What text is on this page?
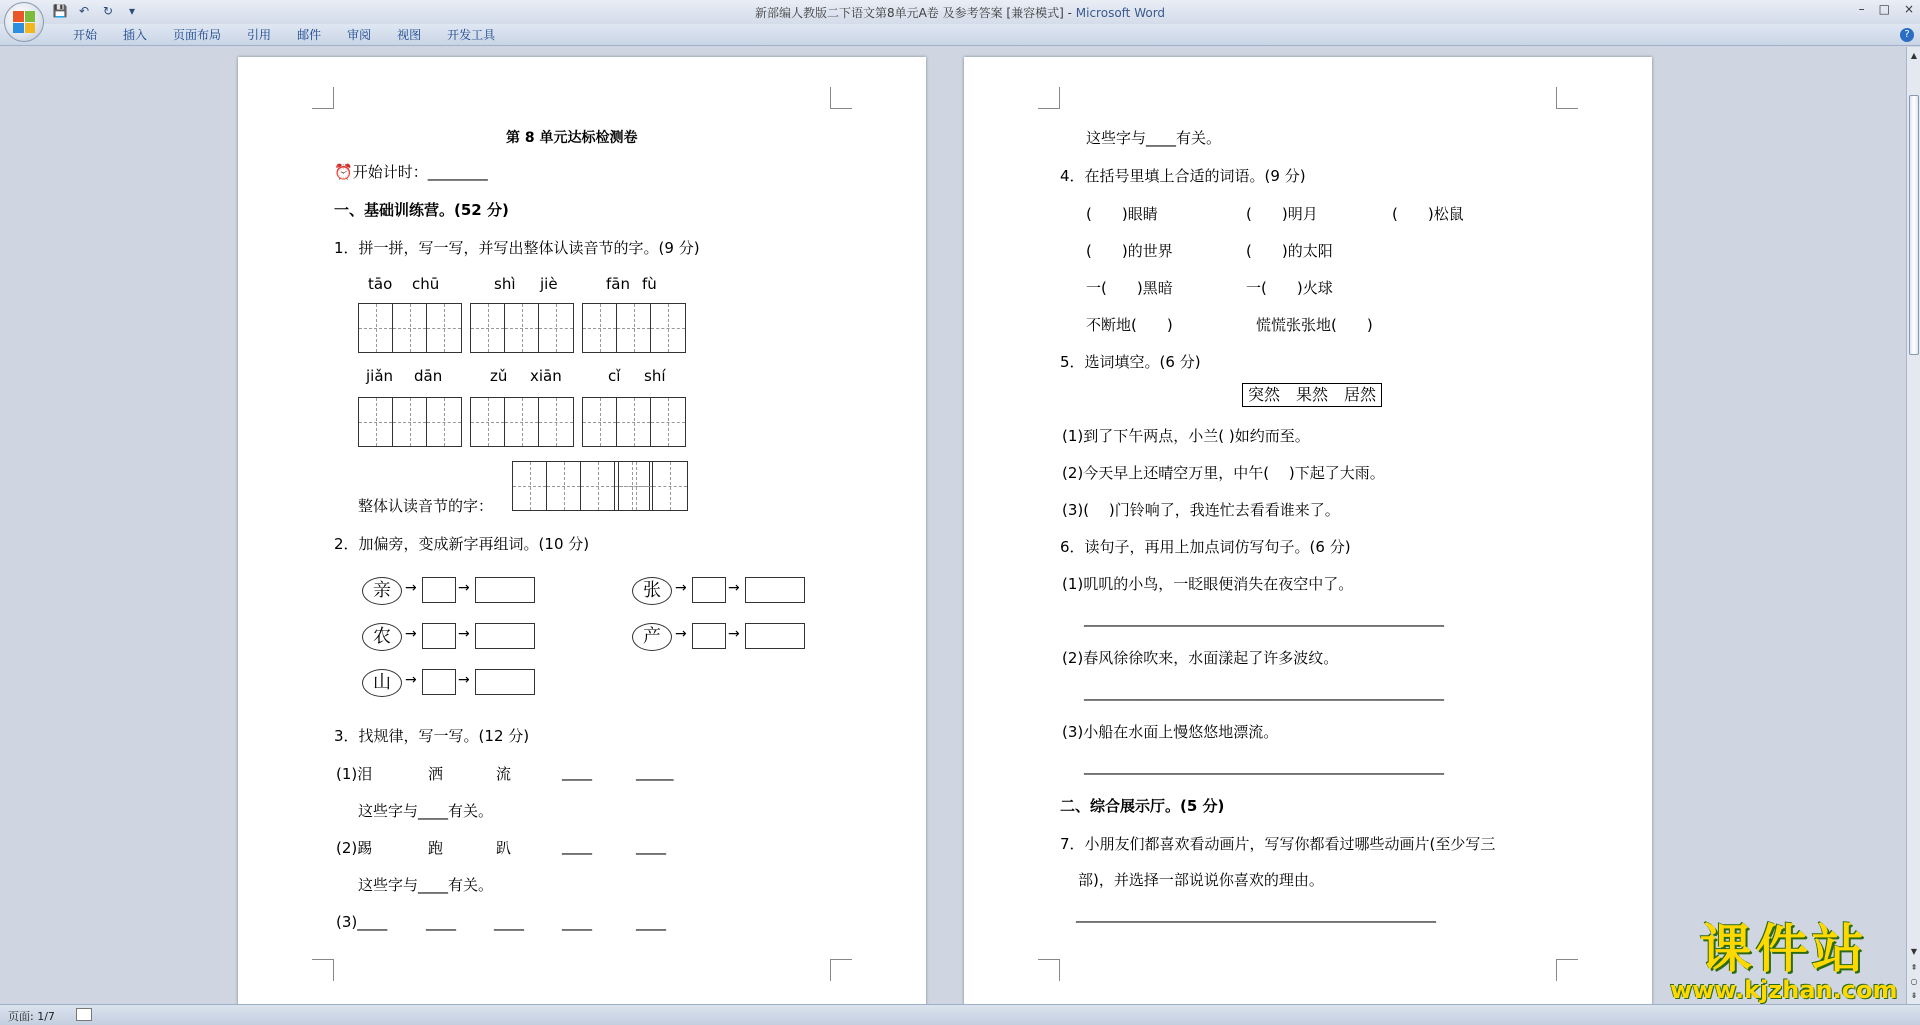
💾 ↶ ↻	▾	新部编人教版二下语文第8单元A卷 及参考答案 [兼容模式] - Microsoft Word	– □ ×
开始	插入	页面布局	引用	邮件	审阅	视图	开发工具	?
第 8 单元达标检测卷
⏰开始计时：________
一、基础训练营。(52 分)
1．拼一拼，写一写，并写出整体认读音节的字。(9 分)
tāo chū	shì jiè	fān fù
jiǎn dān	zǔ xiān	cǐ shí
整体认读音节的字：
2．加偏旁，变成新字再组词。(10 分)
亲	→	→	张	→	→
农	→	→	产	→	→
山	→	→
3．找规律，写一写。(12 分)
(1)泪	洒	流	____	_____
这些字与____有关。
(2)踢	跑	趴	____	____
这些字与____有关。
(3)____	____	____	____	____
这些字与____有关。
4．在括号里填上合适的词语。(9 分)
(　　)眼睛	(　　)明月	(　　)松鼠
(　　)的世界	(　　)的太阳
一(　　)黑暗	一(　　)火球
不断地(　　)	慌慌张张地(　　)
5．选词填空。(6 分)
突然　果然　居然
(1)到了下午两点，小兰( )如约而至。
(2)今天早上还晴空万里，中午(　 )下起了大雨。
(3)(　 )门铃响了，我连忙去看看谁来了。
6．读句子，再用上加点词仿写句子。(6 分)
(1)叽叽的小鸟，一眨眼便消失在夜空中了。
________________________________________________
(2)春风徐徐吹来，水面漾起了许多波纹。
________________________________________________
(3)小船在水面上慢悠悠地漂流。
________________________________________________
二、综合展示厅。(5 分)
7．小朋友们都喜欢看动画片，写写你都看过哪些动画片(至少写三
部)，并选择一部说说你喜欢的理由。
________________________________________________
▲
▼
⇞
○
⇟
课件站
www.kjzhan.com
页面: 1/7
